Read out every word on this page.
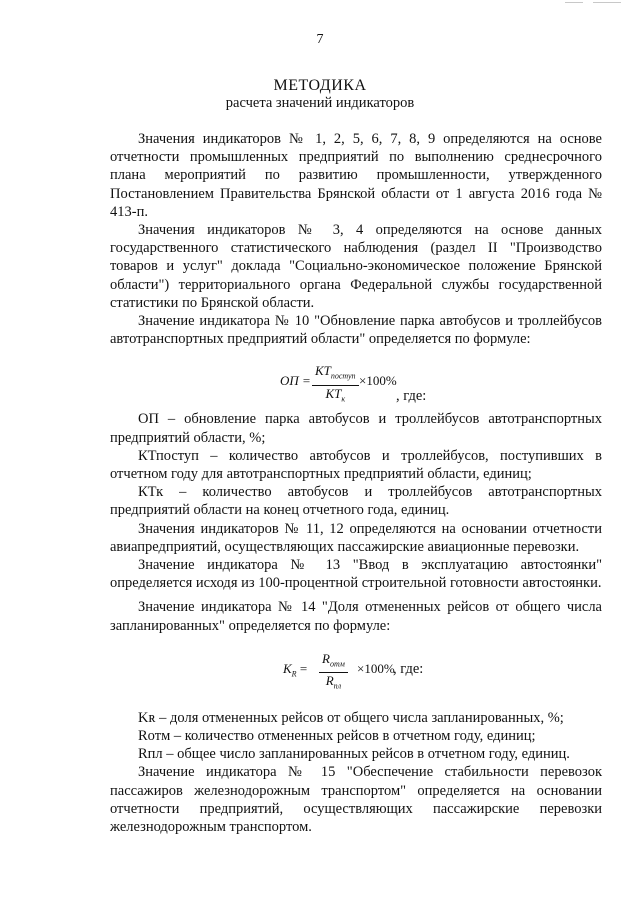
7
МЕТОДИКА
расчета значений индикаторов

Значения индикаторов № 1, 2, 5, 6, 7, 8, 9 определяются на основе отчетности промышленных предприятий по выполнению среднесрочного плана мероприятий по развитию промышленности, утвержденного Постановлением Правительства Брянской области от 1 августа 2016 года № 413-п.

Значения индикаторов № 3, 4 определяются на основе данных государственного статистического наблюдения (раздел II "Производство товаров и услуг" доклада "Социально-экономическое положение Брянской области") территориального органа Федеральной службы государственной статистики по Брянской области.

Значение индикатора № 10 "Обновление парка автобусов и троллейбусов автотранспортных предприятий области" определяется по формуле:

ОП =
$КТ_{поступ}$
$КТ_к$
×100%
, где:

ОП – обновление парка автобусов и троллейбусов автотранспортных предприятий области, %;

КТпоступ – количество автобусов и троллейбусов, поступивших в отчетном году для автотранспортных предприятий области, единиц;

КТк – количество автобусов и троллейбусов автотранспортных предприятий области на конец отчетного года, единиц.

Значения индикаторов № 11, 12 определяются на основании отчетности авиапредприятий, осуществляющих пассажирские авиационные перевозки.

Значение индикатора № 13 "Ввод в эксплуатацию автостоянки" определяется исходя из 100-процентной строительной готовности автостоянки.

Значение индикатора № 14 "Доля отмененных рейсов от общего числа запланированных" определяется по формуле:

$K_R$ =
$R_{отм}$
$R_{пл}$
×100%
, где:

Kʀ – доля отмененных рейсов от общего числа запланированных, %;

Rотм – количество отмененных рейсов в отчетном году, единиц;

Rпл – общее число запланированных рейсов в отчетном году, единиц.

Значение индикатора № 15 "Обеспечение стабильности перевозок пассажиров железнодорожным транспортом" определяется на основании отчетности предприятий, осуществляющих пассажирские перевозки железнодорожным транспортом.
